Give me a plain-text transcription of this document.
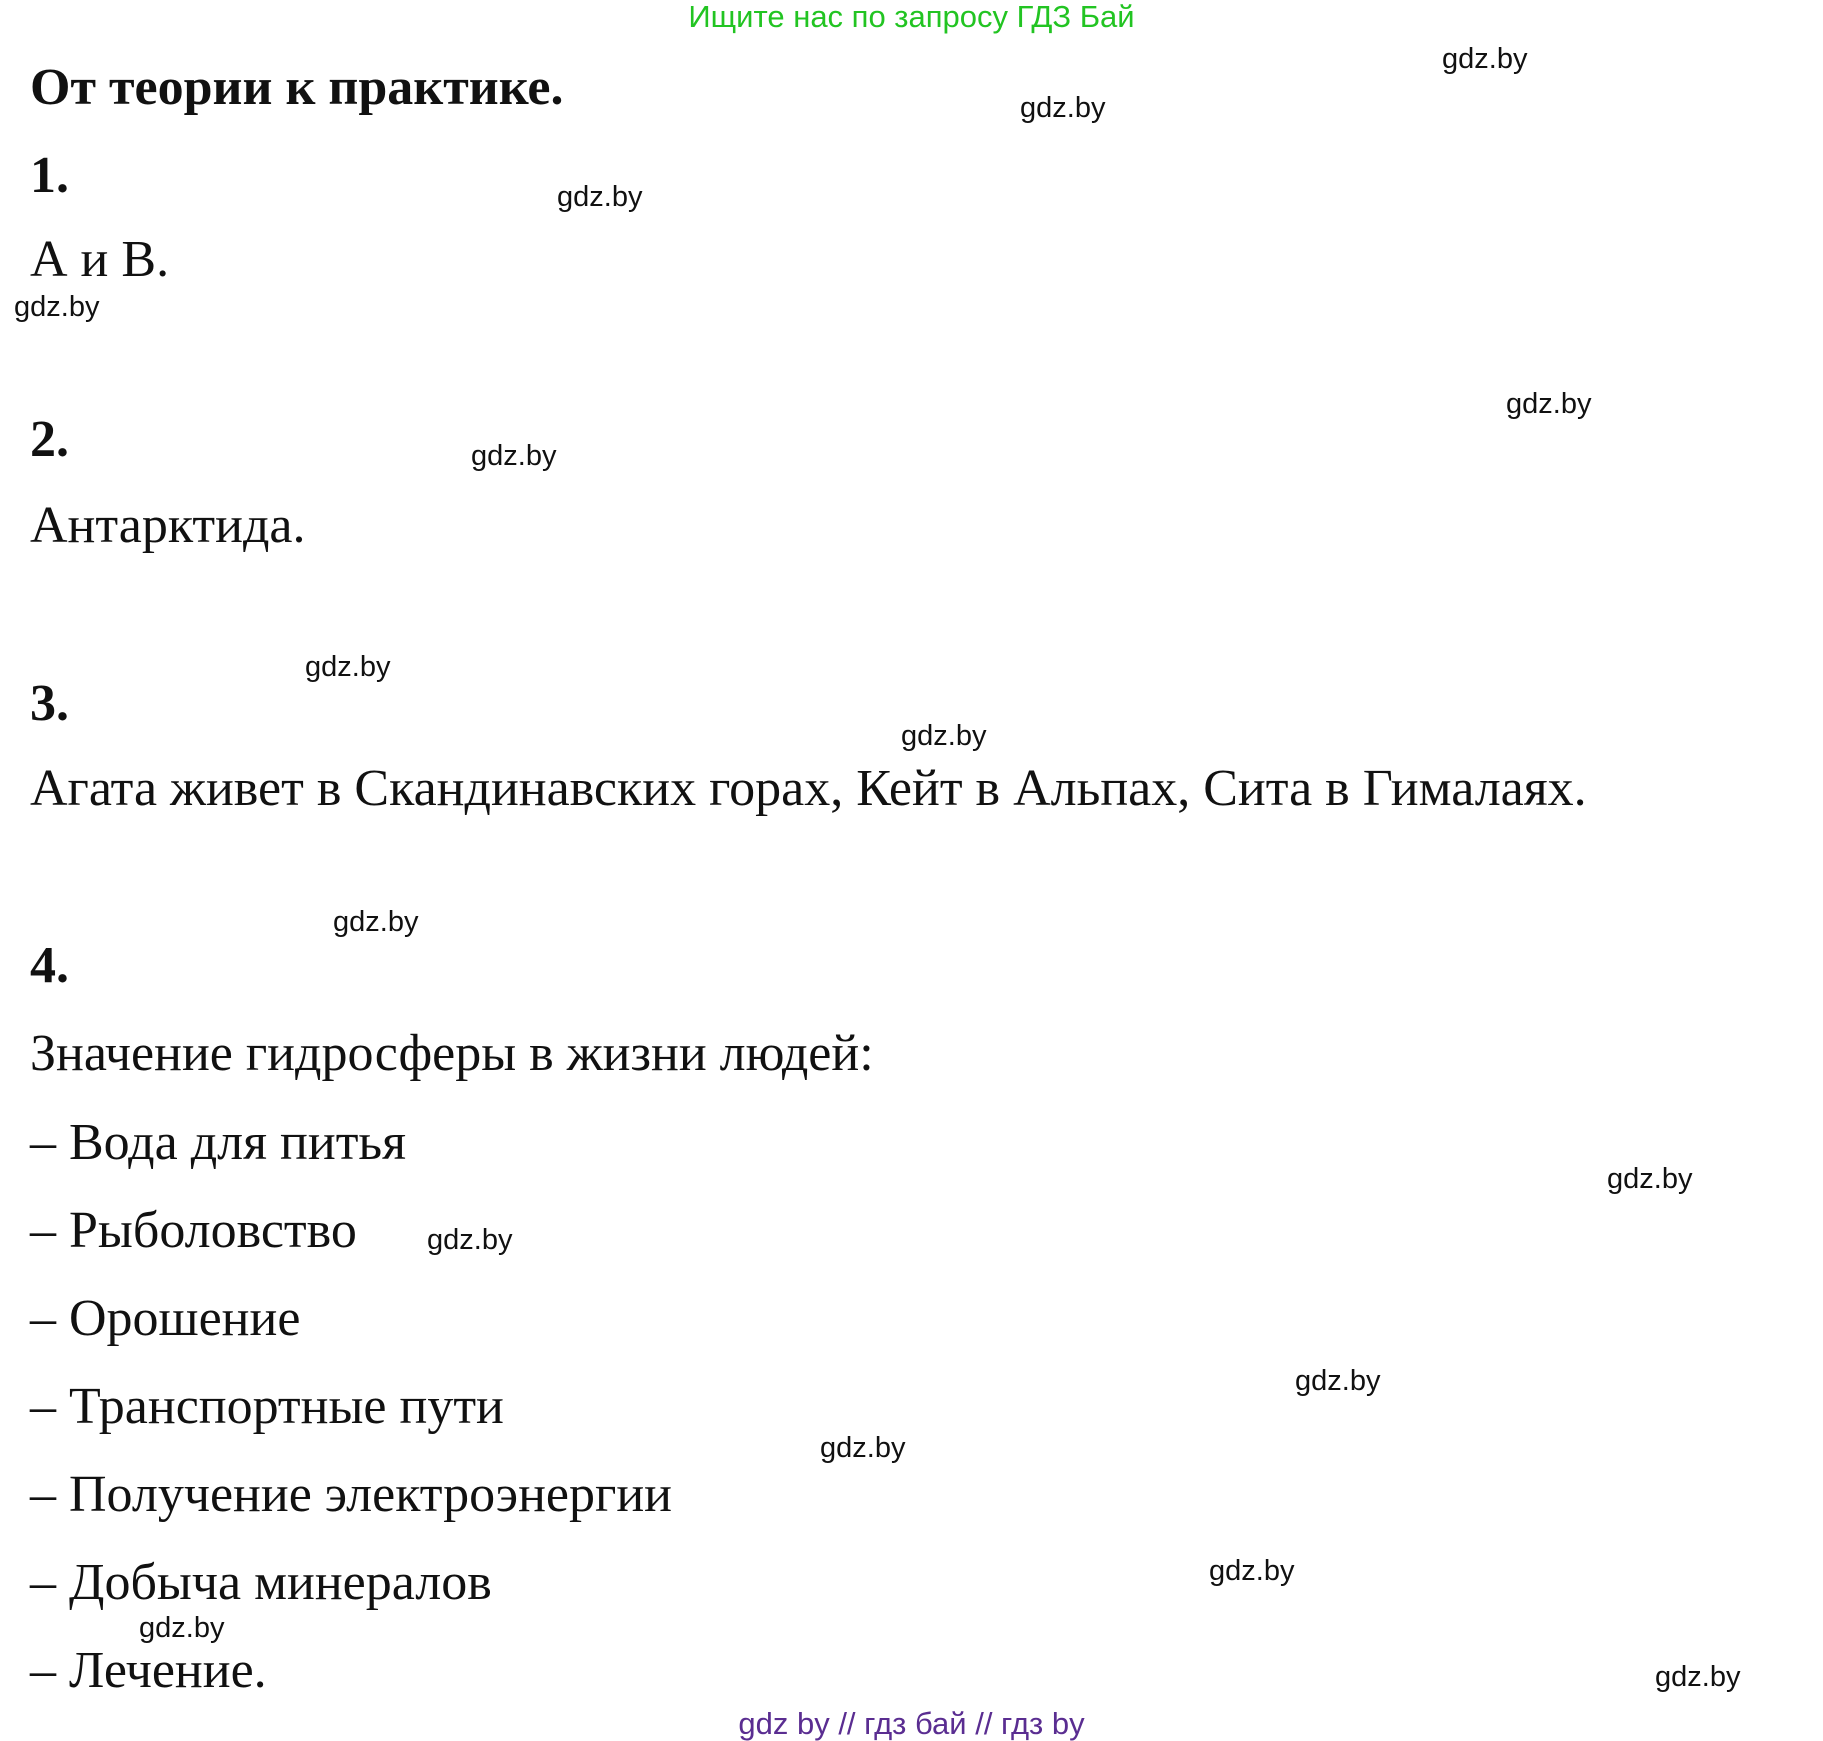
Ищите нас по запросу ГДЗ Бай
От теории к практике.
1.
А и В.
2.
Антарктида.
3.
Агата живет в Скандинавских горах, Кейт в Альпах, Сита в Гималаях.
4.
Значение гидросферы в жизни людей:
– Вода для питья
– Рыболовство
– Орошение
– Транспортные пути
– Получение электроэнергии
– Добыча минералов
– Лечение.
gdz.by
gdz.by
gdz.by
gdz.by
gdz.by
gdz.by
gdz.by
gdz.by
gdz.by
gdz.by
gdz.by
gdz.by
gdz.by
gdz.by
gdz.by
gdz.by
gdz by // гдз бай // гдз by
